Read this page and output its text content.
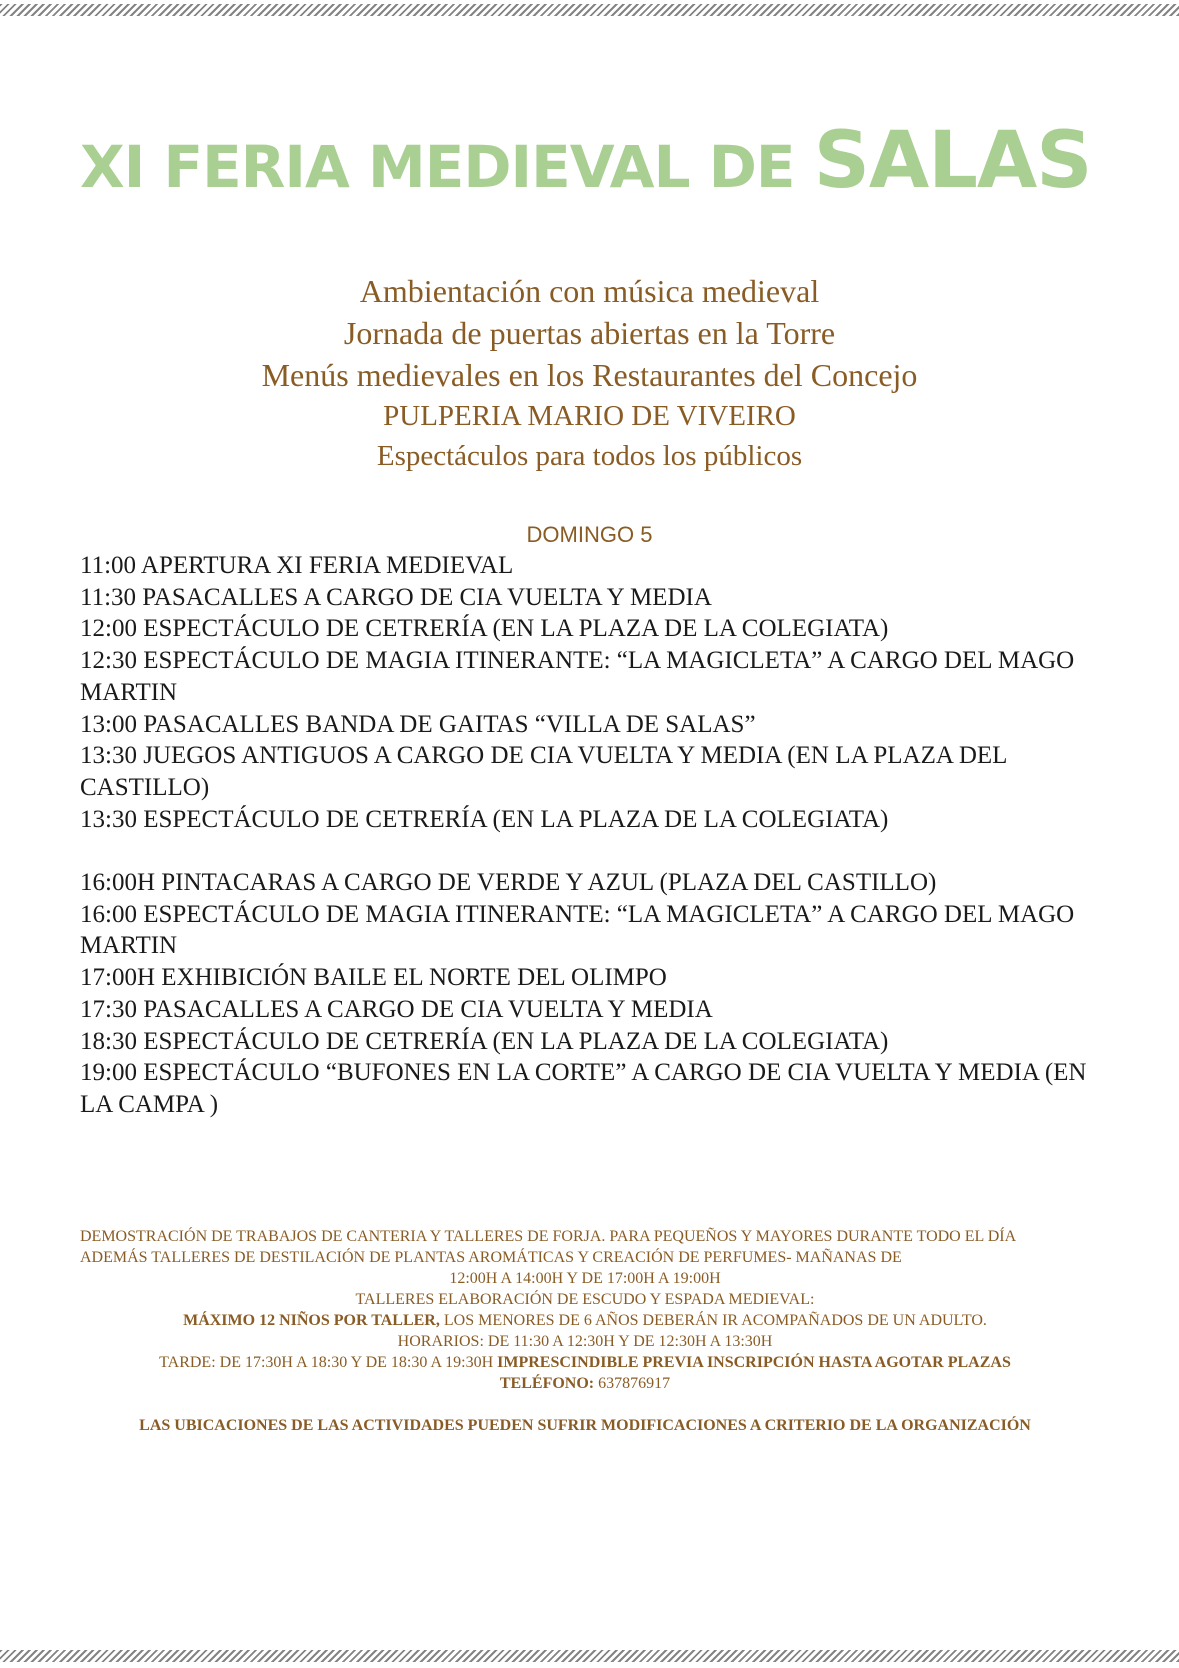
XI FERIA MEDIEVAL DE SALAS
Ambientación con música medieval
Jornada de puertas abiertas en la Torre
Menús medievales en los Restaurantes del Concejo
PULPERIA MARIO DE VIVEIRO
Espectáculos para todos los públicos
DOMINGO 5
11:00 APERTURA XI FERIA MEDIEVAL
11:30 PASACALLES A CARGO DE CIA VUELTA Y MEDIA
12:00 ESPECTÁCULO DE CETRERÍA (EN LA PLAZA DE LA COLEGIATA)
12:30 ESPECTÁCULO DE MAGIA ITINERANTE: “LA MAGICLETA” A CARGO DEL MAGO MARTIN
13:00 PASACALLES BANDA DE GAITAS “VILLA DE SALAS”
13:30 JUEGOS ANTIGUOS A CARGO DE CIA VUELTA Y MEDIA (EN LA PLAZA DEL CASTILLO)
13:30 ESPECTÁCULO DE CETRERÍA (EN LA PLAZA DE LA COLEGIATA)
16:00H PINTACARAS A CARGO DE VERDE Y AZUL (PLAZA DEL CASTILLO)
16:00 ESPECTÁCULO DE MAGIA ITINERANTE: “LA MAGICLETA” A CARGO DEL MAGO MARTIN
17:00H EXHIBICIÓN BAILE EL NORTE DEL OLIMPO
17:30 PASACALLES A CARGO DE CIA VUELTA Y MEDIA
18:30 ESPECTÁCULO DE CETRERÍA (EN LA PLAZA DE LA COLEGIATA)
19:00 ESPECTÁCULO “BUFONES EN LA CORTE” A CARGO DE CIA VUELTA Y MEDIA (EN LA CAMPA )
DEMOSTRACIÓN DE TRABAJOS DE CANTERIA Y TALLERES DE FORJA. PARA PEQUEÑOS Y MAYORES DURANTE TODO EL DÍA
ADEMÁS TALLERES DE DESTILACIÓN DE PLANTAS AROMÁTICAS Y CREACIÓN DE PERFUMES- MAÑANAS DE
12:00H A 14:00H Y DE 17:00H A 19:00H
TALLERES ELABORACIÓN DE ESCUDO Y ESPADA MEDIEVAL:
MÁXIMO 12 NIÑOS POR TALLER, LOS MENORES DE 6 AÑOS DEBERÁN IR ACOMPAÑADOS DE UN ADULTO.
HORARIOS: DE 11:30 A 12:30H Y DE 12:30H A 13:30H
TARDE: DE 17:30H A 18:30 Y DE 18:30 A 19:30H IMPRESCINDIBLE PREVIA INSCRIPCIÓN HASTA AGOTAR PLAZAS
TELÉFONO: 637876917
LAS UBICACIONES DE LAS ACTIVIDADES PUEDEN SUFRIR MODIFICACIONES A CRITERIO DE LA ORGANIZACIÓN
